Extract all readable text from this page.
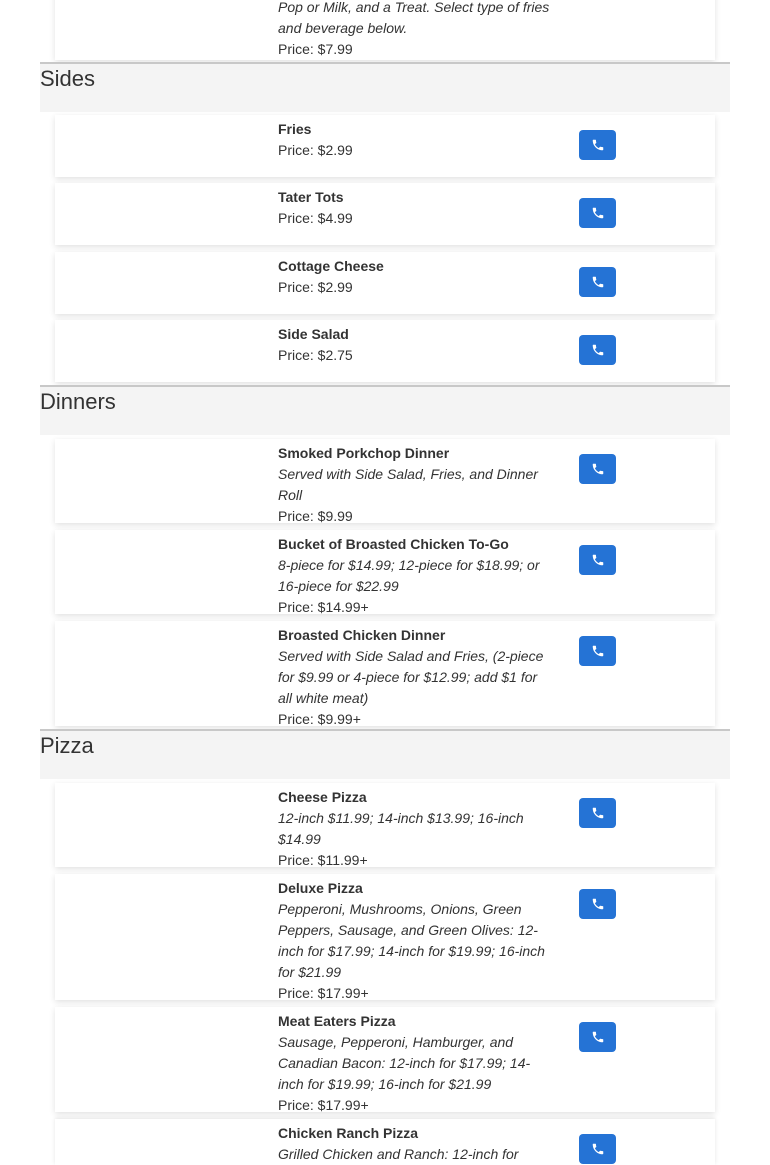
Pop or Milk, and a Treat. Select type of fries and beverage below.
Price: $7.99
Sides
Fries
Price: $2.99
Tater Tots
Price: $4.99
Cottage Cheese
Price: $2.99
Side Salad
Price: $2.75
Dinners
Smoked Porkchop Dinner
Served with Side Salad, Fries, and Dinner Roll
Price: $9.99
Bucket of Broasted Chicken To-Go
8-piece for $14.99; 12-piece for $18.99; or 16-piece for $22.99
Price: $14.99+
Broasted Chicken Dinner
Served with Side Salad and Fries, (2-piece for $9.99 or 4-piece for $12.99; add $1 for all white meat)
Price: $9.99+
Pizza
Cheese Pizza
12-inch $11.99; 14-inch $13.99; 16-inch $14.99
Price: $11.99+
Deluxe Pizza
Pepperoni, Mushrooms, Onions, Green Peppers, Sausage, and Green Olives: 12-inch for $17.99; 14-inch for $19.99; 16-inch for $21.99
Price: $17.99+
Meat Eaters Pizza
Sausage, Pepperoni, Hamburger, and Canadian Bacon: 12-inch for $17.99; 14-inch for $19.99; 16-inch for $21.99
Price: $17.99+
Chicken Ranch Pizza
Grilled Chicken and Ranch: 12-inch for
